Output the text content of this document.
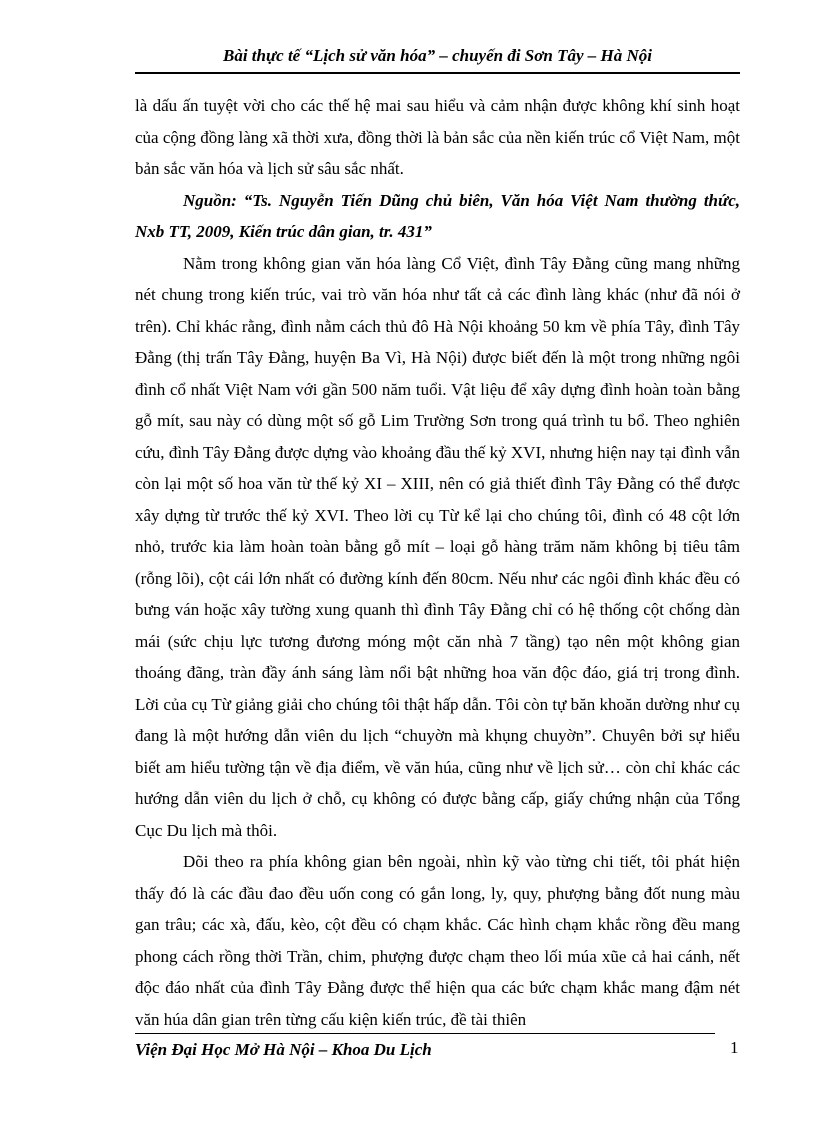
Bài thực tế “Lịch sử văn hóa” – chuyến đi Sơn Tây – Hà Nội

là dấu ấn tuyệt vời cho các thế hệ mai sau hiểu và cảm nhận được không khí sinh hoạt của cộng đồng làng xã thời xưa, đồng thời là bản sắc của nền kiến trúc cổ Việt Nam, một bản sắc văn hóa và lịch sử sâu sắc nhất.

Nguồn: “Ts. Nguyễn Tiến Dũng chủ biên, Văn hóa Việt Nam thường thức, Nxb TT, 2009, Kiến trúc dân gian, tr. 431”

Nằm trong không gian văn hóa làng Cổ Việt, đình Tây Đằng cũng mang những nét chung trong kiến trúc, vai trò văn hóa như tất cả các đình làng khác (như đã nói ở trên). Chỉ khác rằng, đình nằm cách thủ đô Hà Nội khoảng 50 km về phía Tây, đình Tây Đằng (thị trấn Tây Đằng, huyện Ba Vì, Hà Nội) được biết đến là một trong những ngôi đình cổ nhất Việt Nam với gần 500 năm tuổi. Vật liệu để xây dựng đình hoàn toàn bằng gỗ mít, sau này có dùng một số gỗ Lim Trường Sơn trong quá trình tu bổ. Theo nghiên cứu, đình Tây Đằng được dựng vào khoảng đầu thế kỷ XVI, nhưng hiện nay tại đình vẫn còn lại một số hoa văn từ thế kỷ XI – XIII, nên có giả thiết đình Tây Đằng có thể được xây dựng từ trước thế kỷ XVI. Theo lời cụ Từ kể lại cho chúng tôi, đình có 48 cột lớn nhỏ, trước kia làm hoàn toàn bằng gỗ mít – loại gỗ hàng trăm năm không bị tiêu tâm (rỗng lõi), cột cái lớn nhất có đường kính đến 80cm. Nếu như các ngôi đình khác đều có bưng ván hoặc xây tường xung quanh thì đình Tây Đằng chỉ có hệ thống cột chống dàn mái (sức chịu lực tương đương móng một căn nhà 7 tầng) tạo nên một không gian thoáng đãng, tràn đầy ánh sáng làm nổi bật những hoa văn độc đáo, giá trị trong đình. Lời của cụ Từ giảng giải cho chúng tôi thật hấp dẫn. Tôi còn tự băn khoăn dường như cụ đang là một hướng dẫn viên du lịch “chuyờn mà khụng chuyờn”. Chuyên bởi sự hiểu biết am hiểu tường tận về địa điểm, về văn húa, cũng như về lịch sử… còn chỉ khác các hướng dẫn viên du lịch ở chỗ, cụ không có được bằng cấp, giấy chứng nhận của Tổng Cục Du lịch mà thôi.

Dõi theo ra phía không gian bên ngoài, nhìn kỹ vào từng chi tiết, tôi phát hiện thấy đó là các đầu đao đều uốn cong có gắn long, ly, quy, phượng bằng đốt nung màu gan trâu; các xà, đấu, kèo, cột đều có chạm khắc. Các hình chạm khắc rồng đều mang phong cách rồng thời Trần, chim, phượng được chạm theo lối múa xũe cả hai cánh, nết độc đáo nhất của đình Tây Đằng được thể hiện qua các bức chạm khắc mang đậm nét văn húa dân gian trên từng cấu kiện kiến trúc, đề tài thiên

Viện Đại Học Mở Hà Nội – Khoa Du Lịch	1
